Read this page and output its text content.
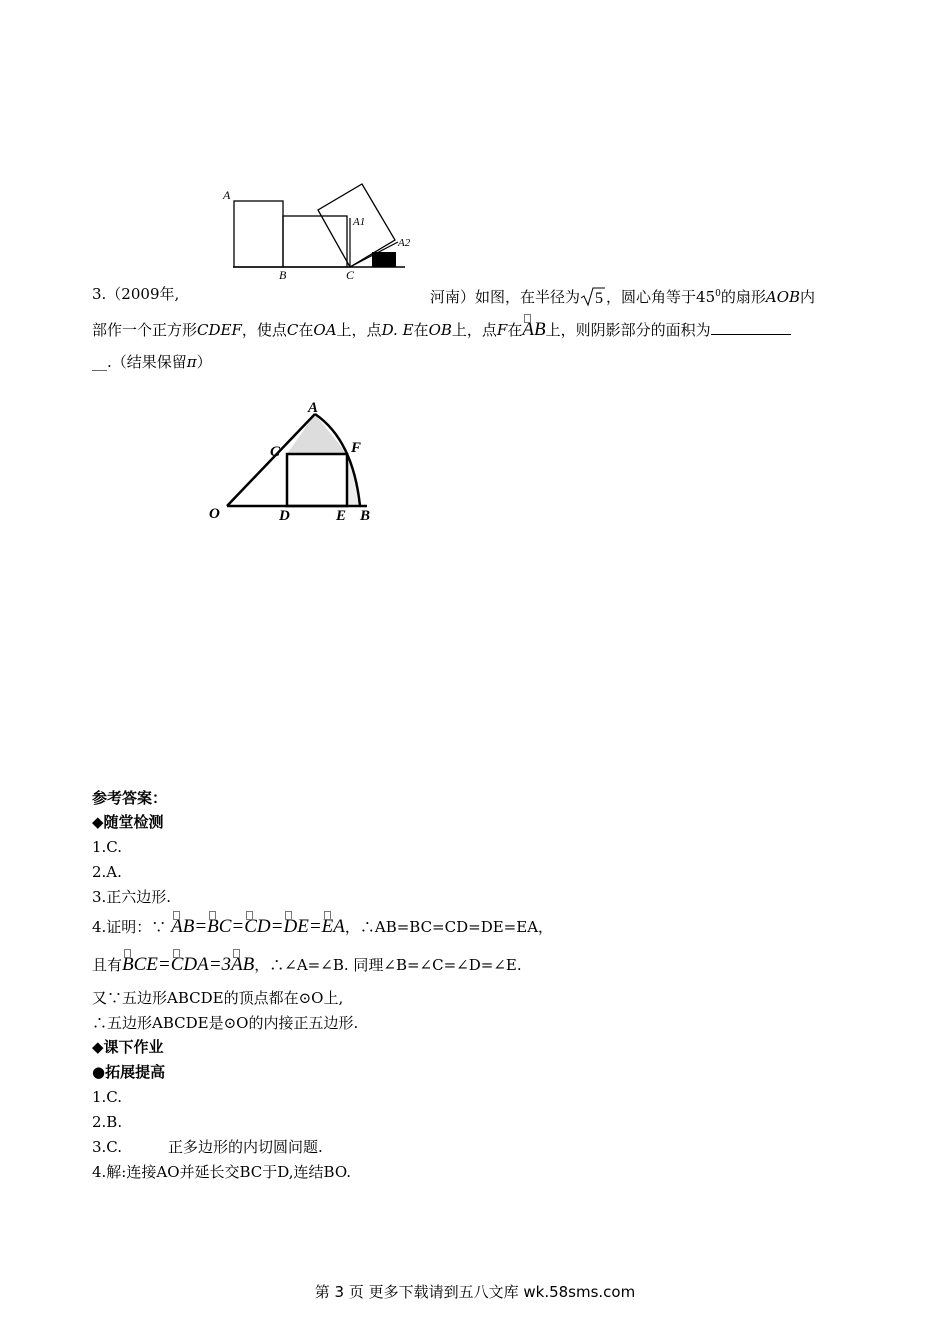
A
A1
A2
B	C
3.（2009年,	河南）如图，在半径为 5 ，圆心角等于$45^0$的扇形AOB内
部作一个正方形CDEF，使点C在OA上，点D. E在OB上，点F在
AB上，则阴影部分的面积为
__.（结果保留π）
A
C	F
O	D	E B
参考答案：
◆随堂检测
1.C.
2.A.
3.正六边形.
4.证明：∵ AB=
BC=
CD=
DE=
EA，∴AB=BC=CD=DE=EA，
且有
BCE=
CDA=3
AB，∴∠A=∠B. 同理∠B=∠C=∠D=∠E.
又∵五边形ABCDE的顶点都在⊙O上,
∴五边形ABCDE是⊙O的内接正五边形.
◆课下作业
●拓展提高
1.C.
2.B.
3.C.	正多边形的内切圆问题.
4.解:连接AO并延长交BC于D,连结BO.
第 3 页 更多下载请到五八文库 wk.58sms.com
